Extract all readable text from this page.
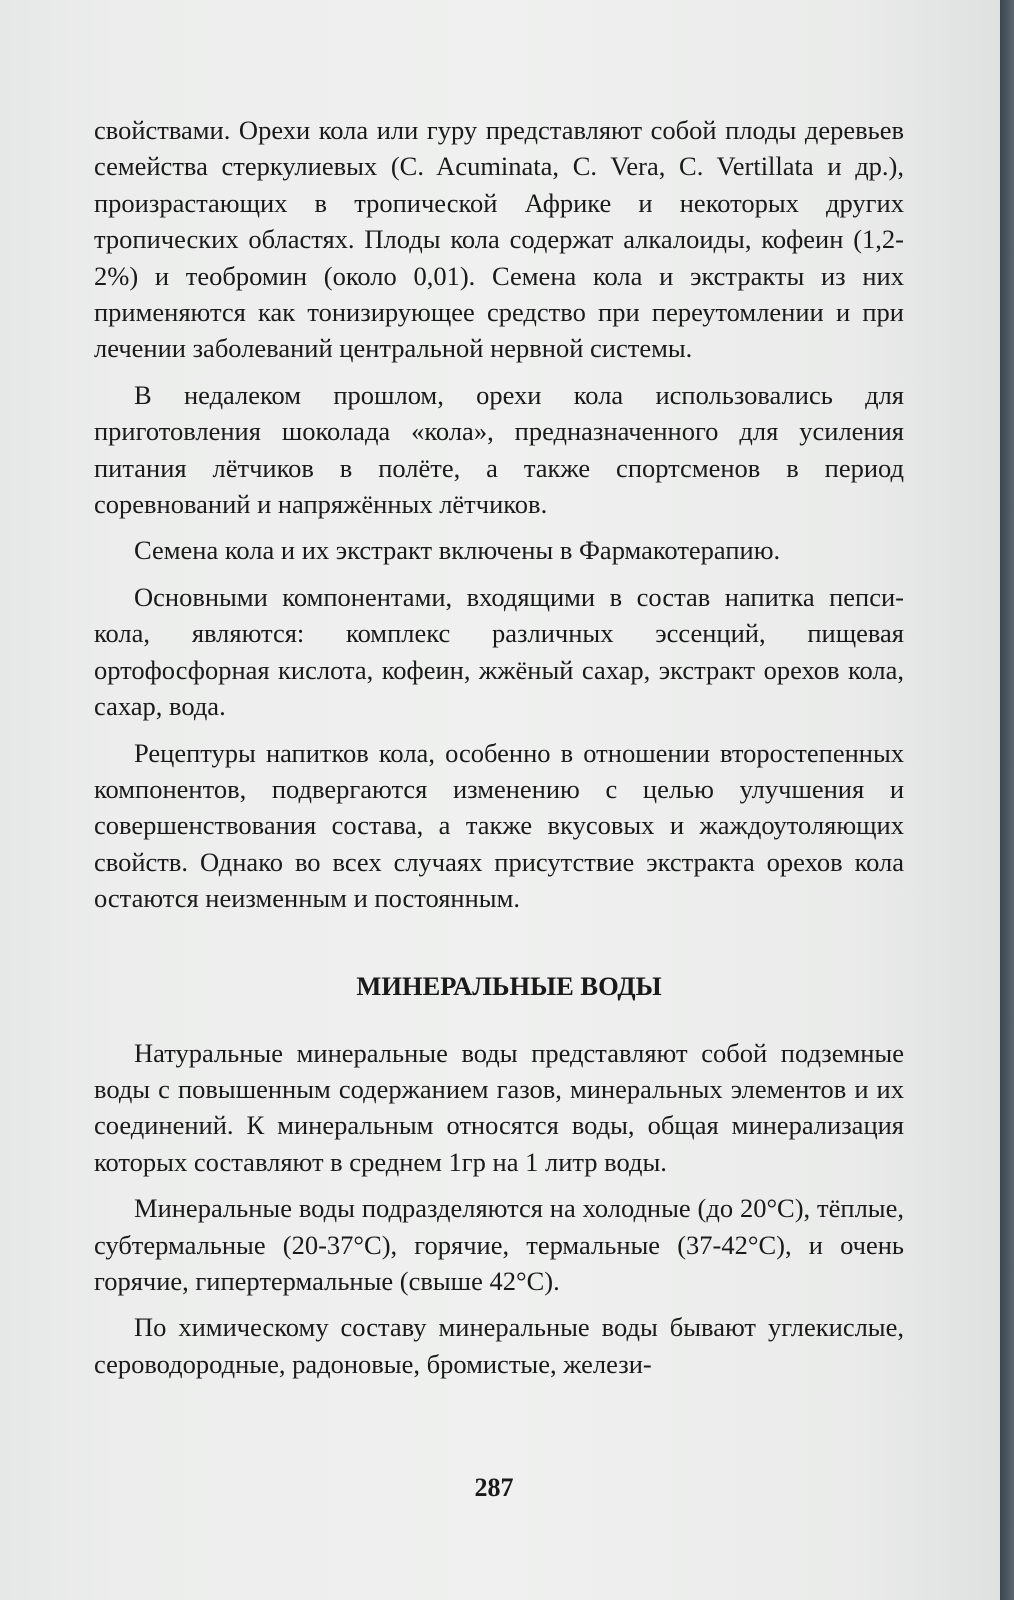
свойствами. Орехи кола или гуру представляют собой плоды деревьев семейства стеркулиевых (C. Acuminata, C. Vera, C. Vertillata и др.), произрастающих в тропической Африке и некоторых других тропических областях. Плоды кола содержат алкалоиды, кофеин (1,2-2%) и теобромин (около 0,01). Семена кола и экстракты из них применяются как тонизирующее средство при переутомлении и при лечении заболеваний центральной нервной системы.

В недалеком прошлом, орехи кола использовались для приготовления шоколада «кола», предназначенного для усиления питания лётчиков в полёте, а также спортсменов в период соревнований и напряжённых лётчиков.

Семена кола и их экстракт включены в Фармакотерапию.

Основными компонентами, входящими в состав напитка пепси-кола, являются: комплекс различных эссенций, пищевая ортофосфорная кислота, кофеин, жжёный сахар, экстракт орехов кола, сахар, вода.

Рецептуры напитков кола, особенно в отношении второстепенных компонентов, подвергаются изменению с целью улучшения и совершенствования состава, а также вкусовых и жаждоутоляющих свойств. Однако во всех случаях присутствие экстракта орехов кола остаются неизменным и постоянным.

МИНЕРАЛЬНЫЕ ВОДЫ

Натуральные минеральные воды представляют собой подземные воды с повышенным содержанием газов, минеральных элементов и их соединений. К минеральным относятся воды, общая минерализация которых составляют в среднем 1гр на 1 литр воды.

Минеральные воды подразделяются на холодные (до 20°С), тёплые, субтермальные (20-37°С), горячие, термальные (37-42°С), и очень горячие, гипертермальные (свыше 42°С).

По химическому составу минеральные воды бывают углекислые, сероводородные, радоновые, бромистые, желези-

287
